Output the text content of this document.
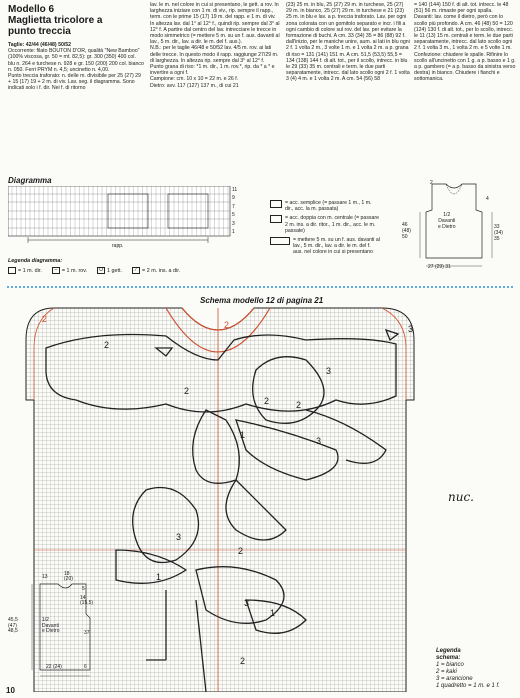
Modello 6
Maglietta tricolore a
punto treccia
Taglie: 42/44 (46/48) 50/52
Occorrente: filato BOUTON D'OR, qualità "New Bamboo" (100% viscosa, gr. 50 = mt. 82,5): gr. 300 (350) 400 col. blu n. 264 e turchese n. 928 e gr. 150 (200) 200 col. bianco n. 050. Ferri PRYM n. 4,5; uncinetto n. 4,00.
Punto treccia traforato: n. delle m. divisibile per 25 (27) 29 + 15 (17) 19 + 2 m. di viv. Lav. seg. il diagramma. Sono indicati solo i f. dir. Nei f. di ritorno
lav. le m. nel colore in cui si presentano, le gett. a rov. In larghezza iniziare con 1 m. di viv., rip. sempre il rapp., term. con le prime 15 (17) 19 m. del rapp. e 1 m. di viv. In altezza lav. dal 1° al 12° f., quindi rip. sempre dal 3° al 12° f. A partire dal centro del lav. intrecciare le trecce in modo simmetrico (= mettere 5 m. su un f. aus. davanti al lav., 5 m. dir., lav. a dir. le m. del f. aus.).
N.B.: per le taglie 46/48 e 50/52 lav. 4/5 m. rov. ai lati delle trecce. In questo modo il rapp. raggiunge 27/29 m. di larghezza. In altezza rip. sempre dal 3° al 12° f.
Punto grana di riso: *1 m. dir., 1 m. rov.*, rip. da * a * e invertire a ogni f.
Campione: cm. 10 x 10 = 22 m. e 26 f.
Dietro: avv. 117 (127) 137 m., di cui 21
(23) 25 m. in blu, 25 (27) 29 m. in turchese, 25 (27) 29 m. in bianco, 25 (27) 29 m. in turchese e 21 (23) 25 m. in blu e lav. a p. treccia traforato. Lav. per ogni zona colorata con un gomitolo separato e incr. i fili a ogni cambio di colore sul rov. del lav. per evitare la formazione di buchi. A cm. 33 (34) 35 = 86 (88) 92 f. dall'inizio, per le maniche unire, aum. ai lati in blu ogni 2 f. 1 volta 2 m., 3 volte 1 m. e 1 volta 2 m. a p. grana di riso = 131 (141) 151 m. A cm. 51,5 (53,5) 55,5 = 134 (138) 144 f. di alt. tot., per il scollo, intrecc. in blu le 29 (33) 35 m. centrali e term. le due parti separatamente, intrecc. dal lato scollo ogni 2 f. 1 volta 3 (4) 4 m. e 1 volta 2 m. A cm. 54 (56) 58
= 140 (144) 150 f. di alt. tot. intrecc. le 48 (51) 56 m. rimaste per ogni spalla.
Davanti: lav. come il dietro, però con lo scollo più profondo. A cm. 46 (48) 50 = 120 (124) 130 f. di alt. tot., per lo scollo, intrecc. le 11 (13) 15 m. centrali e term. le due parti separatamente, intrecc. dal lato scollo ogni 2 f. 1 volta 3 m., 1 volta 2 m. e 5 volte 1 m.
Confezione: chiudere le spalle. Rifinire lo scollo all'uncinetto con 1 g. a p. basso e 1 g. a p. gambero (= a p. basso da sinistra verso destra) in bianco. Chiudere i fianchi e sottomanica.
Diagramma
11
9
7
5
3
1
rapp.
Legenda diagramma:
= 1 m. dir.	– = 1 m. rov.	U 1 gett.	⁄	= 2 m. ins. a dir.
= acc. semplice (= passare 1 m., 1 m. dir., acc. la m. passata)
= acc. doppia con m. centrale (= passare 2 m. ins. a dir. ritor., 1 m. dir., acc. le m. passate)
= mettere 5 m. su un f. aus. davanti al lav., 5 m. dir., lav. a dir. le m. del f. aus. nel colore in cui si presentano
1/2
Davanti
e Dietro
46
(48)
50
33
(34)
35
2
27 (29) 31
4
Schema modello 12 di pagina 21
2
2
2
2
2
3
3
3
2
1
3
1
2
3
1
2
13	18
(20)
5
14
(15,5)
45,5
(47)
48,5
1/2
Davanti
e Dietro	37
22 (24)	6
nuc.
Legenda
schema:
1 = bianco
2 = kaki
3 = arancione
1 quadretto = 1 m. e 1 f.
10
